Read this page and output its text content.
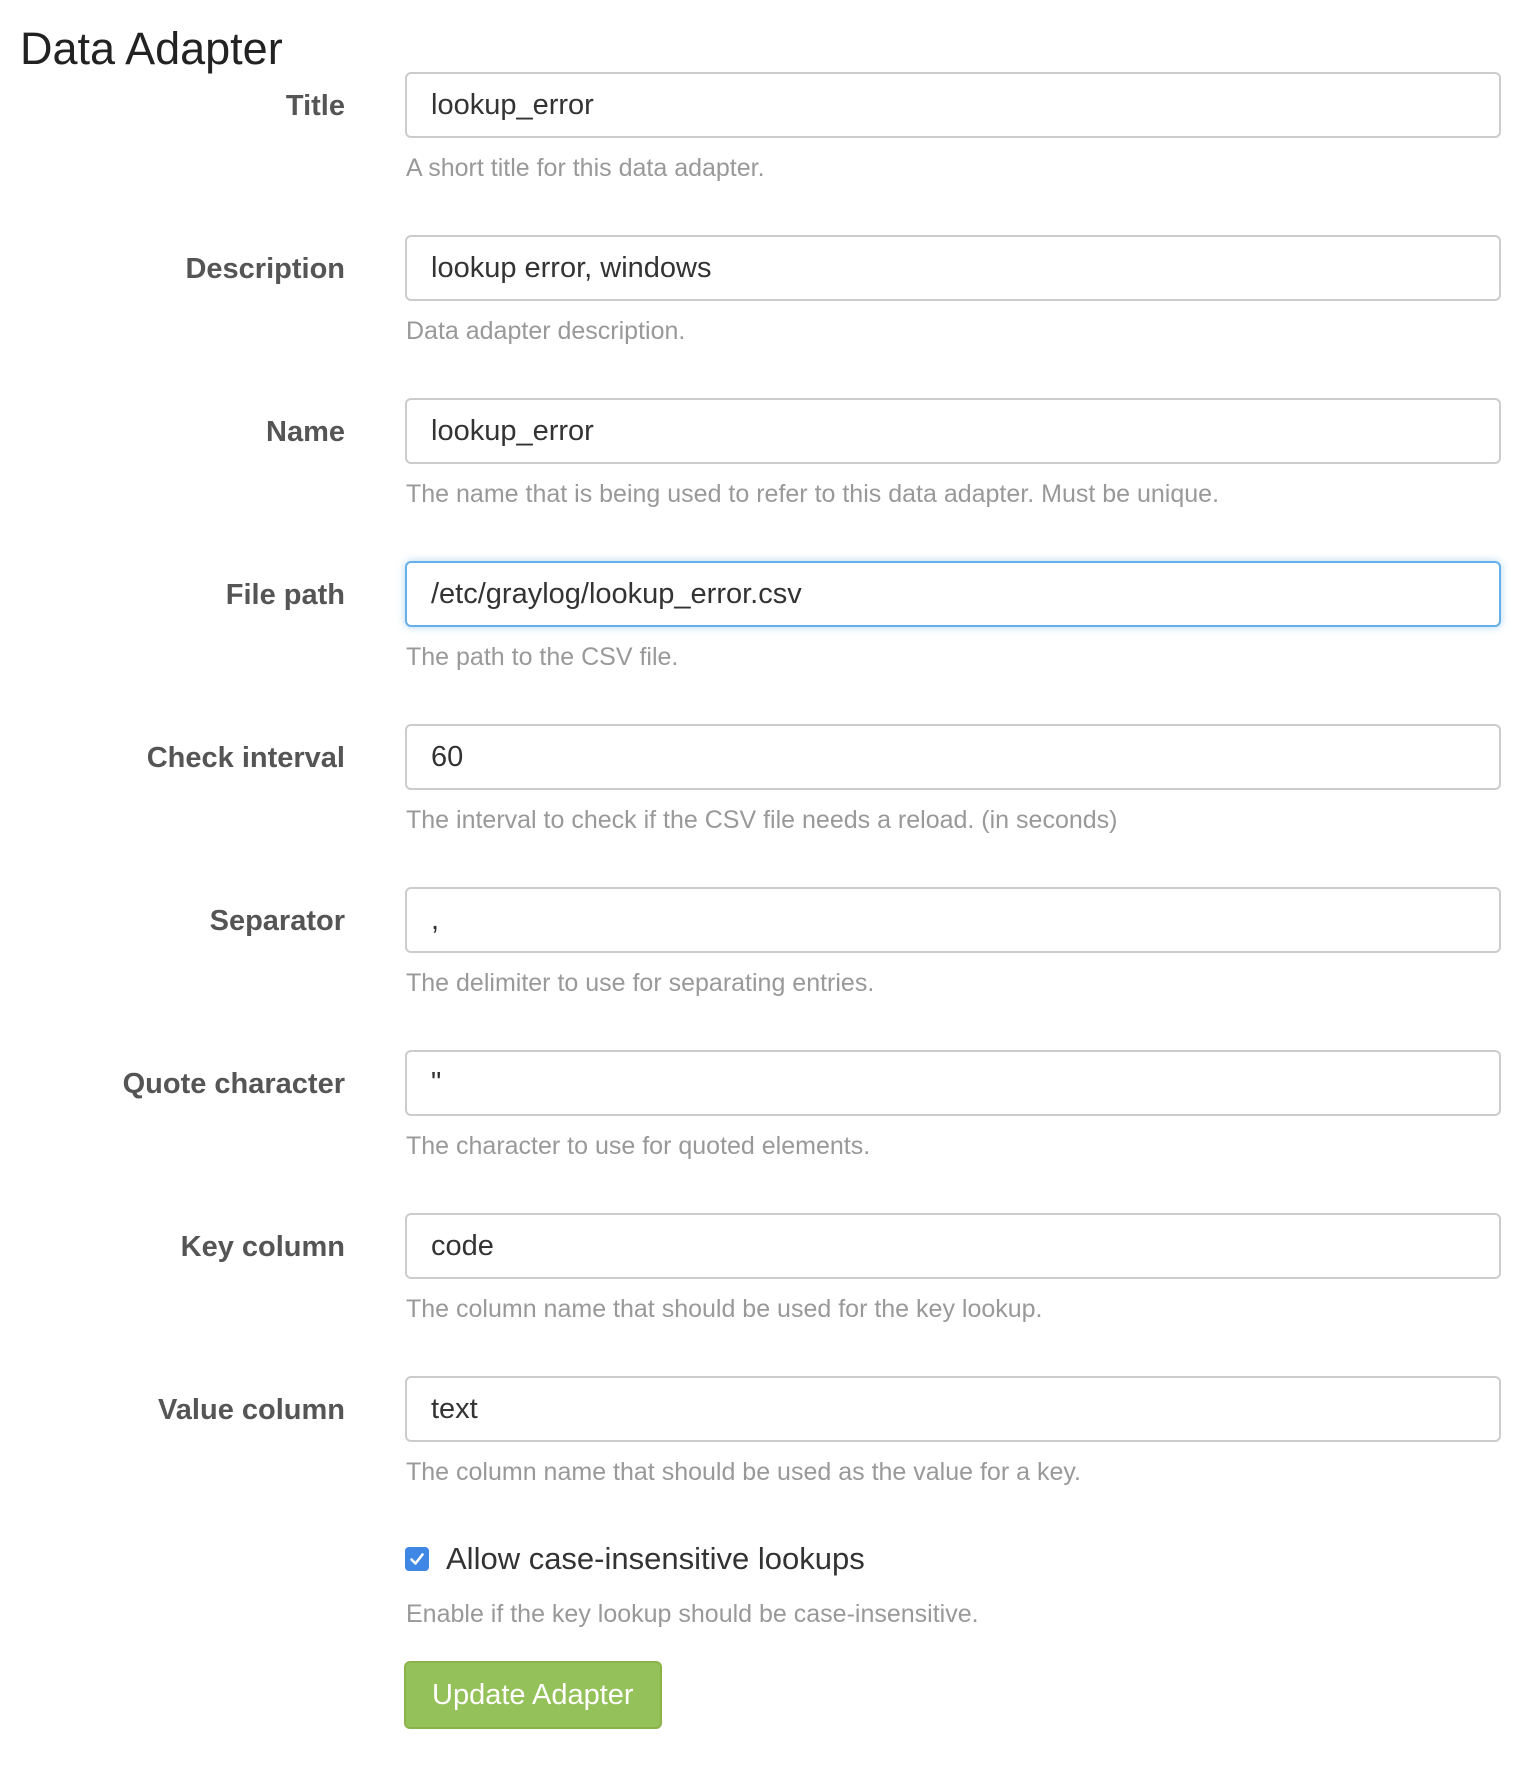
Data Adapter
Title
lookup_error
A short title for this data adapter.
Description
lookup error, windows
Data adapter description.
Name
lookup_error
The name that is being used to refer to this data adapter. Must be unique.
File path
/etc/graylog/lookup_error.csv
The path to the CSV file.
Check interval
60
The interval to check if the CSV file needs a reload. (in seconds)
Separator
,
The delimiter to use for separating entries.
Quote character
"
The character to use for quoted elements.
Key column
code
The column name that should be used for the key lookup.
Value column
text
The column name that should be used as the value for a key.
Allow case-insensitive lookups
Enable if the key lookup should be case-insensitive.
Update Adapter
